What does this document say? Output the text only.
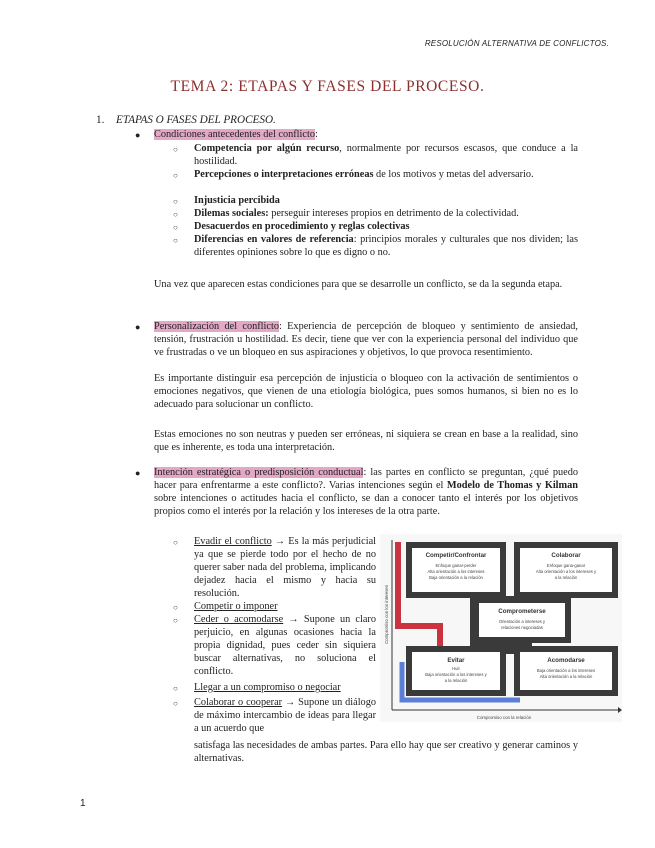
RESOLUCIÓN ALTERNATIVA DE CONFLICTOS.
TEMA 2: ETAPAS Y FASES DEL PROCESO.
1. ETAPAS O FASES DEL PROCESO.
● Condiciones antecedentes del conflicto:
○ Competencia por algún recurso, normalmente por recursos escasos, que conduce a la hostilidad.
○ Percepciones o interpretaciones erróneas de los motivos y metas del adversario.
○ Injusticia percibida
○ Dilemas sociales: perseguir intereses propios en detrimento de la colectividad.
○ Desacuerdos en procedimiento y reglas colectivas
○ Diferencias en valores de referencia: principios morales y culturales que nos dividen; las diferentes opiniones sobre lo que es digno o no.
Una vez que aparecen estas condiciones para que se desarrolle un conflicto, se da la segunda etapa.
● Personalización del conflicto: Experiencia de percepción de bloqueo y sentimiento de ansiedad, tensión, frustración u hostilidad. Es decir, tiene que ver con la experiencia personal del individuo que ve frustradas o ve un bloqueo en sus aspiraciones y objetivos, lo que provoca resentimiento.
Es importante distinguir esa percepción de injusticia o bloqueo con la activación de sentimientos o emociones negativos, que vienen de una etiología biológica, pues somos humanos, si bien no es lo adecuado para solucionar un conflicto.
Estas emociones no son neutras y pueden ser erróneas, ni siquiera se crean en base a la realidad, sino que es inherente, es toda una interpretación.
● Intención estratégica o predisposición conductual: las partes en conflicto se preguntan, ¿qué puedo hacer para enfrentarme a este conflicto?. Varias intenciones según el Modelo de Thomas y Kilman sobre intenciones o actitudes hacia el conflicto, se dan a conocer tanto el interés por los objetivos propios como el interés por la relación y los intereses de la otra parte.
○ Evadir el conflicto → Es la más perjudicial ya que se pierde todo por el hecho de no querer saber nada del problema, implicando dejadez hacia el mismo y hacia su resolución.
○ Competir o imponer
○ Ceder o acomodarse → Supone un claro perjuicio, en algunas ocasiones hacia la propia dignidad, pues ceder sin siquiera buscar alternativas, no soluciona el conflicto.
○ Llegar a un compromiso o negociar
○ Colaborar o cooperar → Supone un diálogo de máximo intercambio de ideas para llegar a un acuerdo que
satisfaga las necesidades de ambas partes. Para ello hay que ser creativo y generar caminos y alternativas.
Competir/Confrontar
Enfoque ganar-perder
Alta orientación a los intereses
Baja orientación a la relación
Colaborar
Enfoque gana-ganar
Alta orientación a los intereses y
a la relación
Comprometerse
Orientación a intereses y
relaciones negociadas
Evitar
Huir
Baja orientación a los intereses y
a la relación
Acomodarse
Baja orientación a los intereses
Alta orientación a la relación
Compromiso con los intereses
Compromiso con la relación
1
